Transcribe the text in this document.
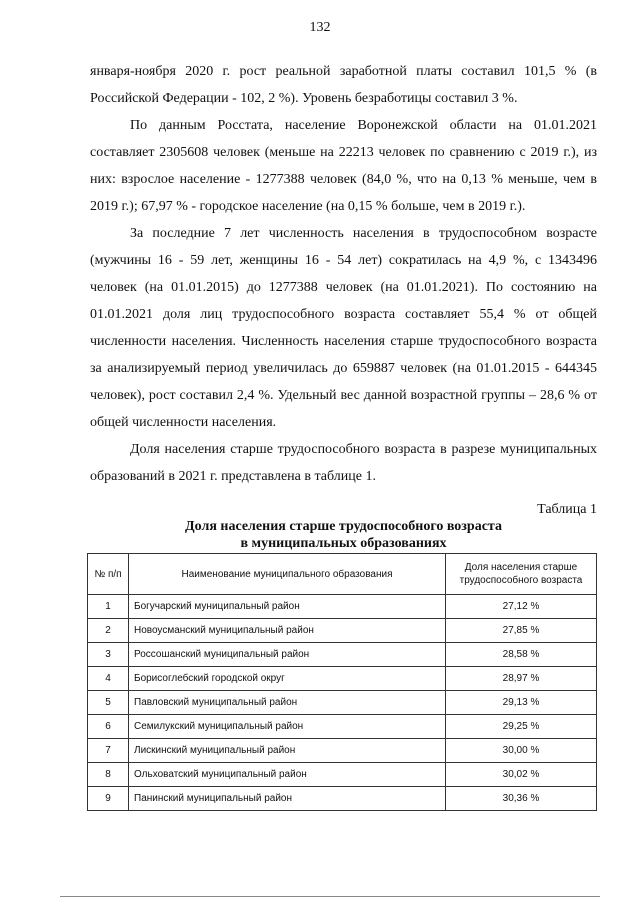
132

января-ноября 2020 г. рост реальной заработной платы составил 101,5 % (в Российской Федерации - 102, 2 %). Уровень безработицы составил 3 %.

По данным Росстата, население Воронежской области на 01.01.2021 составляет 2305608 человек (меньше на 22213 человек по сравнению с 2019 г.), из них: взрослое население - 1277388 человек (84,0 %, что на 0,13 % меньше, чем в 2019 г.); 67,97 % - городское население (на 0,15 % больше, чем в 2019 г.).

За последние 7 лет численность населения в трудоспособном возрасте (мужчины 16 - 59 лет, женщины 16 - 54 лет) сократилась на 4,9 %, с 1343496 человек (на 01.01.2015) до 1277388 человек (на 01.01.2021). По состоянию на 01.01.2021 доля лиц трудоспособного возраста составляет 55,4 % от общей численности населения. Численность населения старше трудоспособного возраста за анализируемый период увеличилась до 659887 человек (на 01.01.2015 - 644345 человек), рост составил 2,4 %. Удельный вес данной возрастной группы – 28,6 % от общей численности населения.

Доля населения старше трудоспособного возраста в разрезе муниципальных образований в 2021 г. представлена в таблице 1.

Таблица 1
Доля населения старше трудоспособного возраста
в муниципальных образованиях
№ п/п	Наименование муниципального образования	Доля населения старше трудоспособного возраста
1	Богучарский муниципальный район	27,12 %
2	Новоусманский муниципальный район	27,85 %
3	Россошанский муниципальный район	28,58 %
4	Борисоглебский городской округ	28,97 %
5	Павловский муниципальный район	29,13 %
6	Семилукский муниципальный район	29,25 %
7	Лискинский муниципальный район	30,00 %
8	Ольховатский муниципальный район	30,02 %
9	Панинский муниципальный район	30,36 %
